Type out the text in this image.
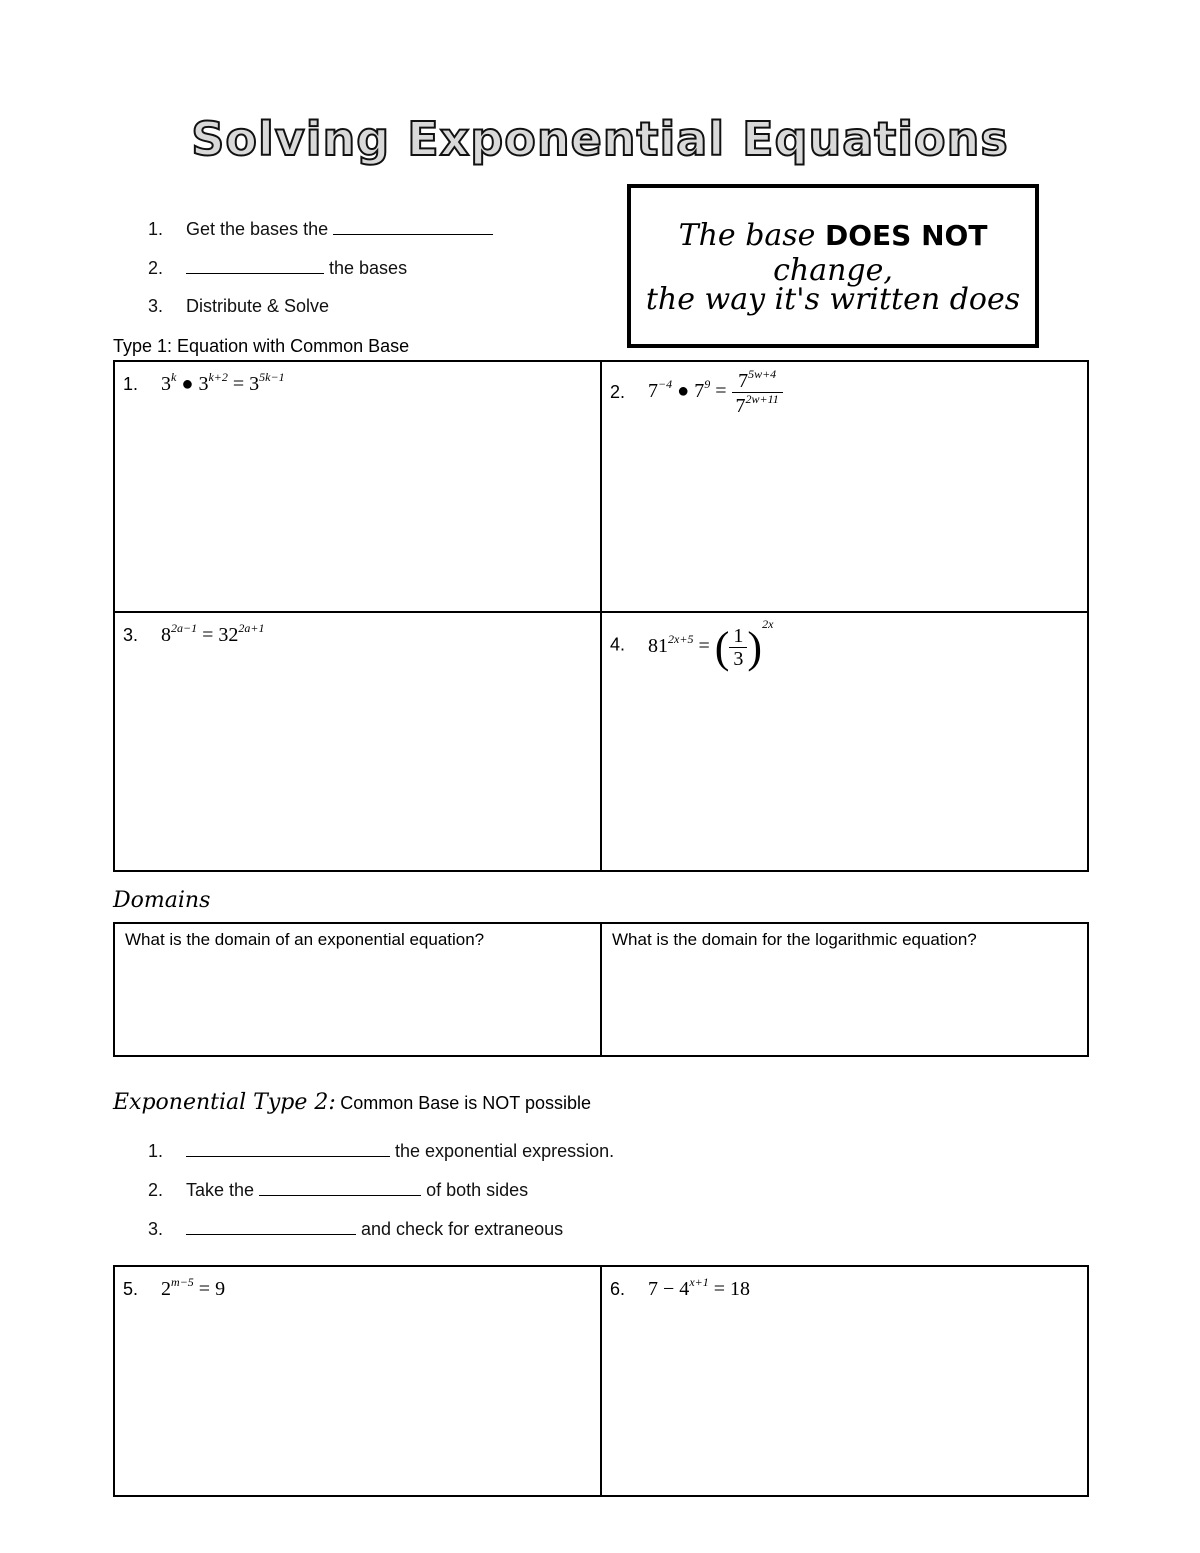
Solving Exponential Equations
1. Get the bases the
2.	the bases
3. Distribute & Solve
The base DOES NOT change,
the way it's written does
Type 1: Equation with Common Base
1. 3$^k$ ● $3^{k+2} = 3^{5k-1}$	2. $7^{-4}$ ● $7^9 = \frac{7^{5w+4}}{7^{2w+11}}$

3. $8^{2a-1} = 32^{2a+1}$	4. $81^{2x+5}$ = ( $\frac{1}{3} )^{2x}$
Domains
What is the domain of an exponential equation?	What is the domain for the logarithmic equation?
Exponential Type 2: Common Base is NOT possible
1.	the exponential expression.
2. Take the	of both sides
3.	and check for extraneous
5. $2^{m-5} = 9$	6. $7 - 4^{x+1} = 18$
